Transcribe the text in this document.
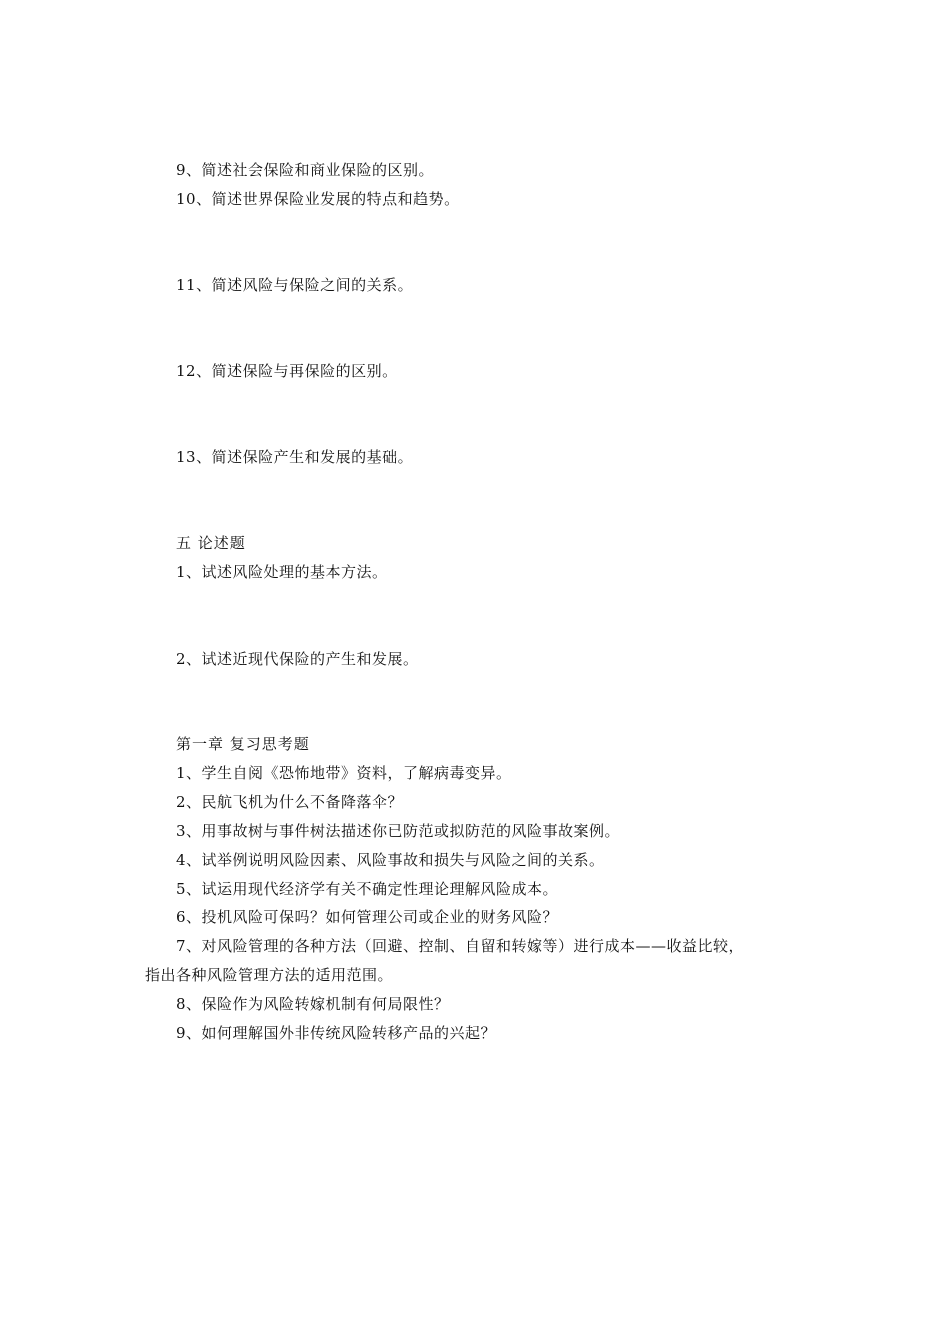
9、简述社会保险和商业保险的区别。
10、简述世界保险业发展的特点和趋势。
11、简述风险与保险之间的关系。
12、简述保险与再保险的区别。
13、简述保险产生和发展的基础。
五 论述题
1、试述风险处理的基本方法。
2、试述近现代保险的产生和发展。
第一章 复习思考题
1、学生自阅《恐怖地带》资料，了解病毒变异。
2、民航飞机为什么不备降落伞？
3、用事故树与事件树法描述你已防范或拟防范的风险事故案例。
4、试举例说明风险因素、风险事故和损失与风险之间的关系。
5、试运用现代经济学有关不确定性理论理解风险成本。
6、投机风险可保吗？如何管理公司或企业的财务风险？
7、对风险管理的各种方法（回避、控制、自留和转嫁等）进行成本——收益比较，
指出各种风险管理方法的适用范围。
8、保险作为风险转嫁机制有何局限性？
9、如何理解国外非传统风险转移产品的兴起？
